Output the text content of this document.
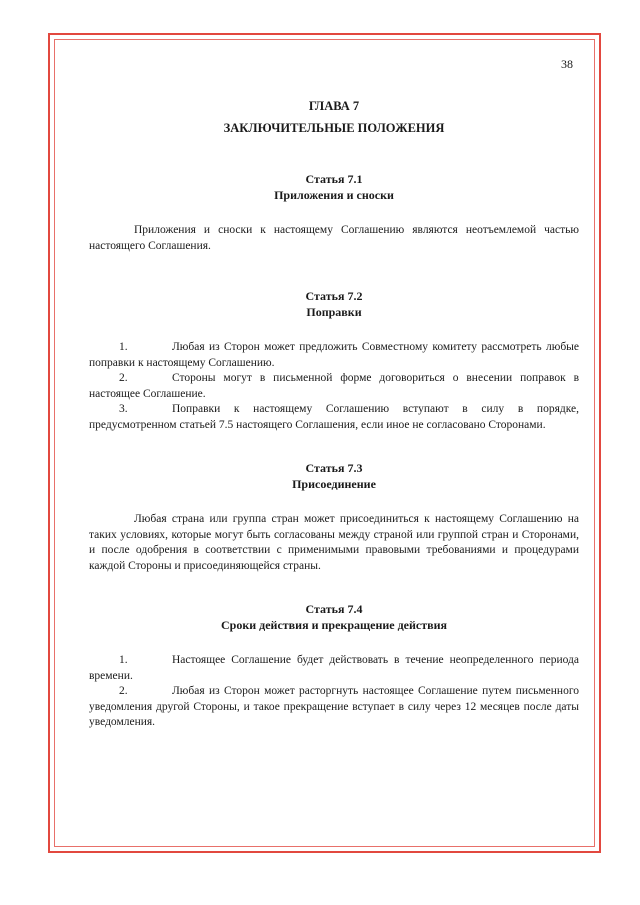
38
ГЛАВА 7
ЗАКЛЮЧИТЕЛЬНЫЕ ПОЛОЖЕНИЯ
Статья 7.1
Приложения и сноски

Приложения и сноски к настоящему Соглашению являются неотъемлемой частью настоящего Соглашения.

Статья 7.2
Поправки

1.	Любая из Сторон может предложить Совместному комитету рассмотреть любые поправки к настоящему Соглашению.

2.	Стороны могут в письменной форме договориться о внесении поправок в настоящее Соглашение.

3.	Поправки к настоящему Соглашению вступают в силу в порядке, предусмотренном статьей 7.5 настоящего Соглашения, если иное не согласовано Сторонами.

Статья 7.3
Присоединение

Любая страна или группа стран может присоединиться к настоящему Соглашению на таких условиях, которые могут быть согласованы между страной или группой стран и Сторонами, и после одобрения в соответствии с применимыми правовыми требованиями и процедурами каждой Стороны и присоединяющейся страны.

Статья 7.4
Сроки действия и прекращение действия

1.	Настоящее Соглашение будет действовать в течение неопределенного периода времени.

2.	Любая из Сторон может расторгнуть настоящее Соглашение путем письменного уведомления другой Стороны, и такое прекращение вступает в силу через 12 месяцев после даты уведомления.
